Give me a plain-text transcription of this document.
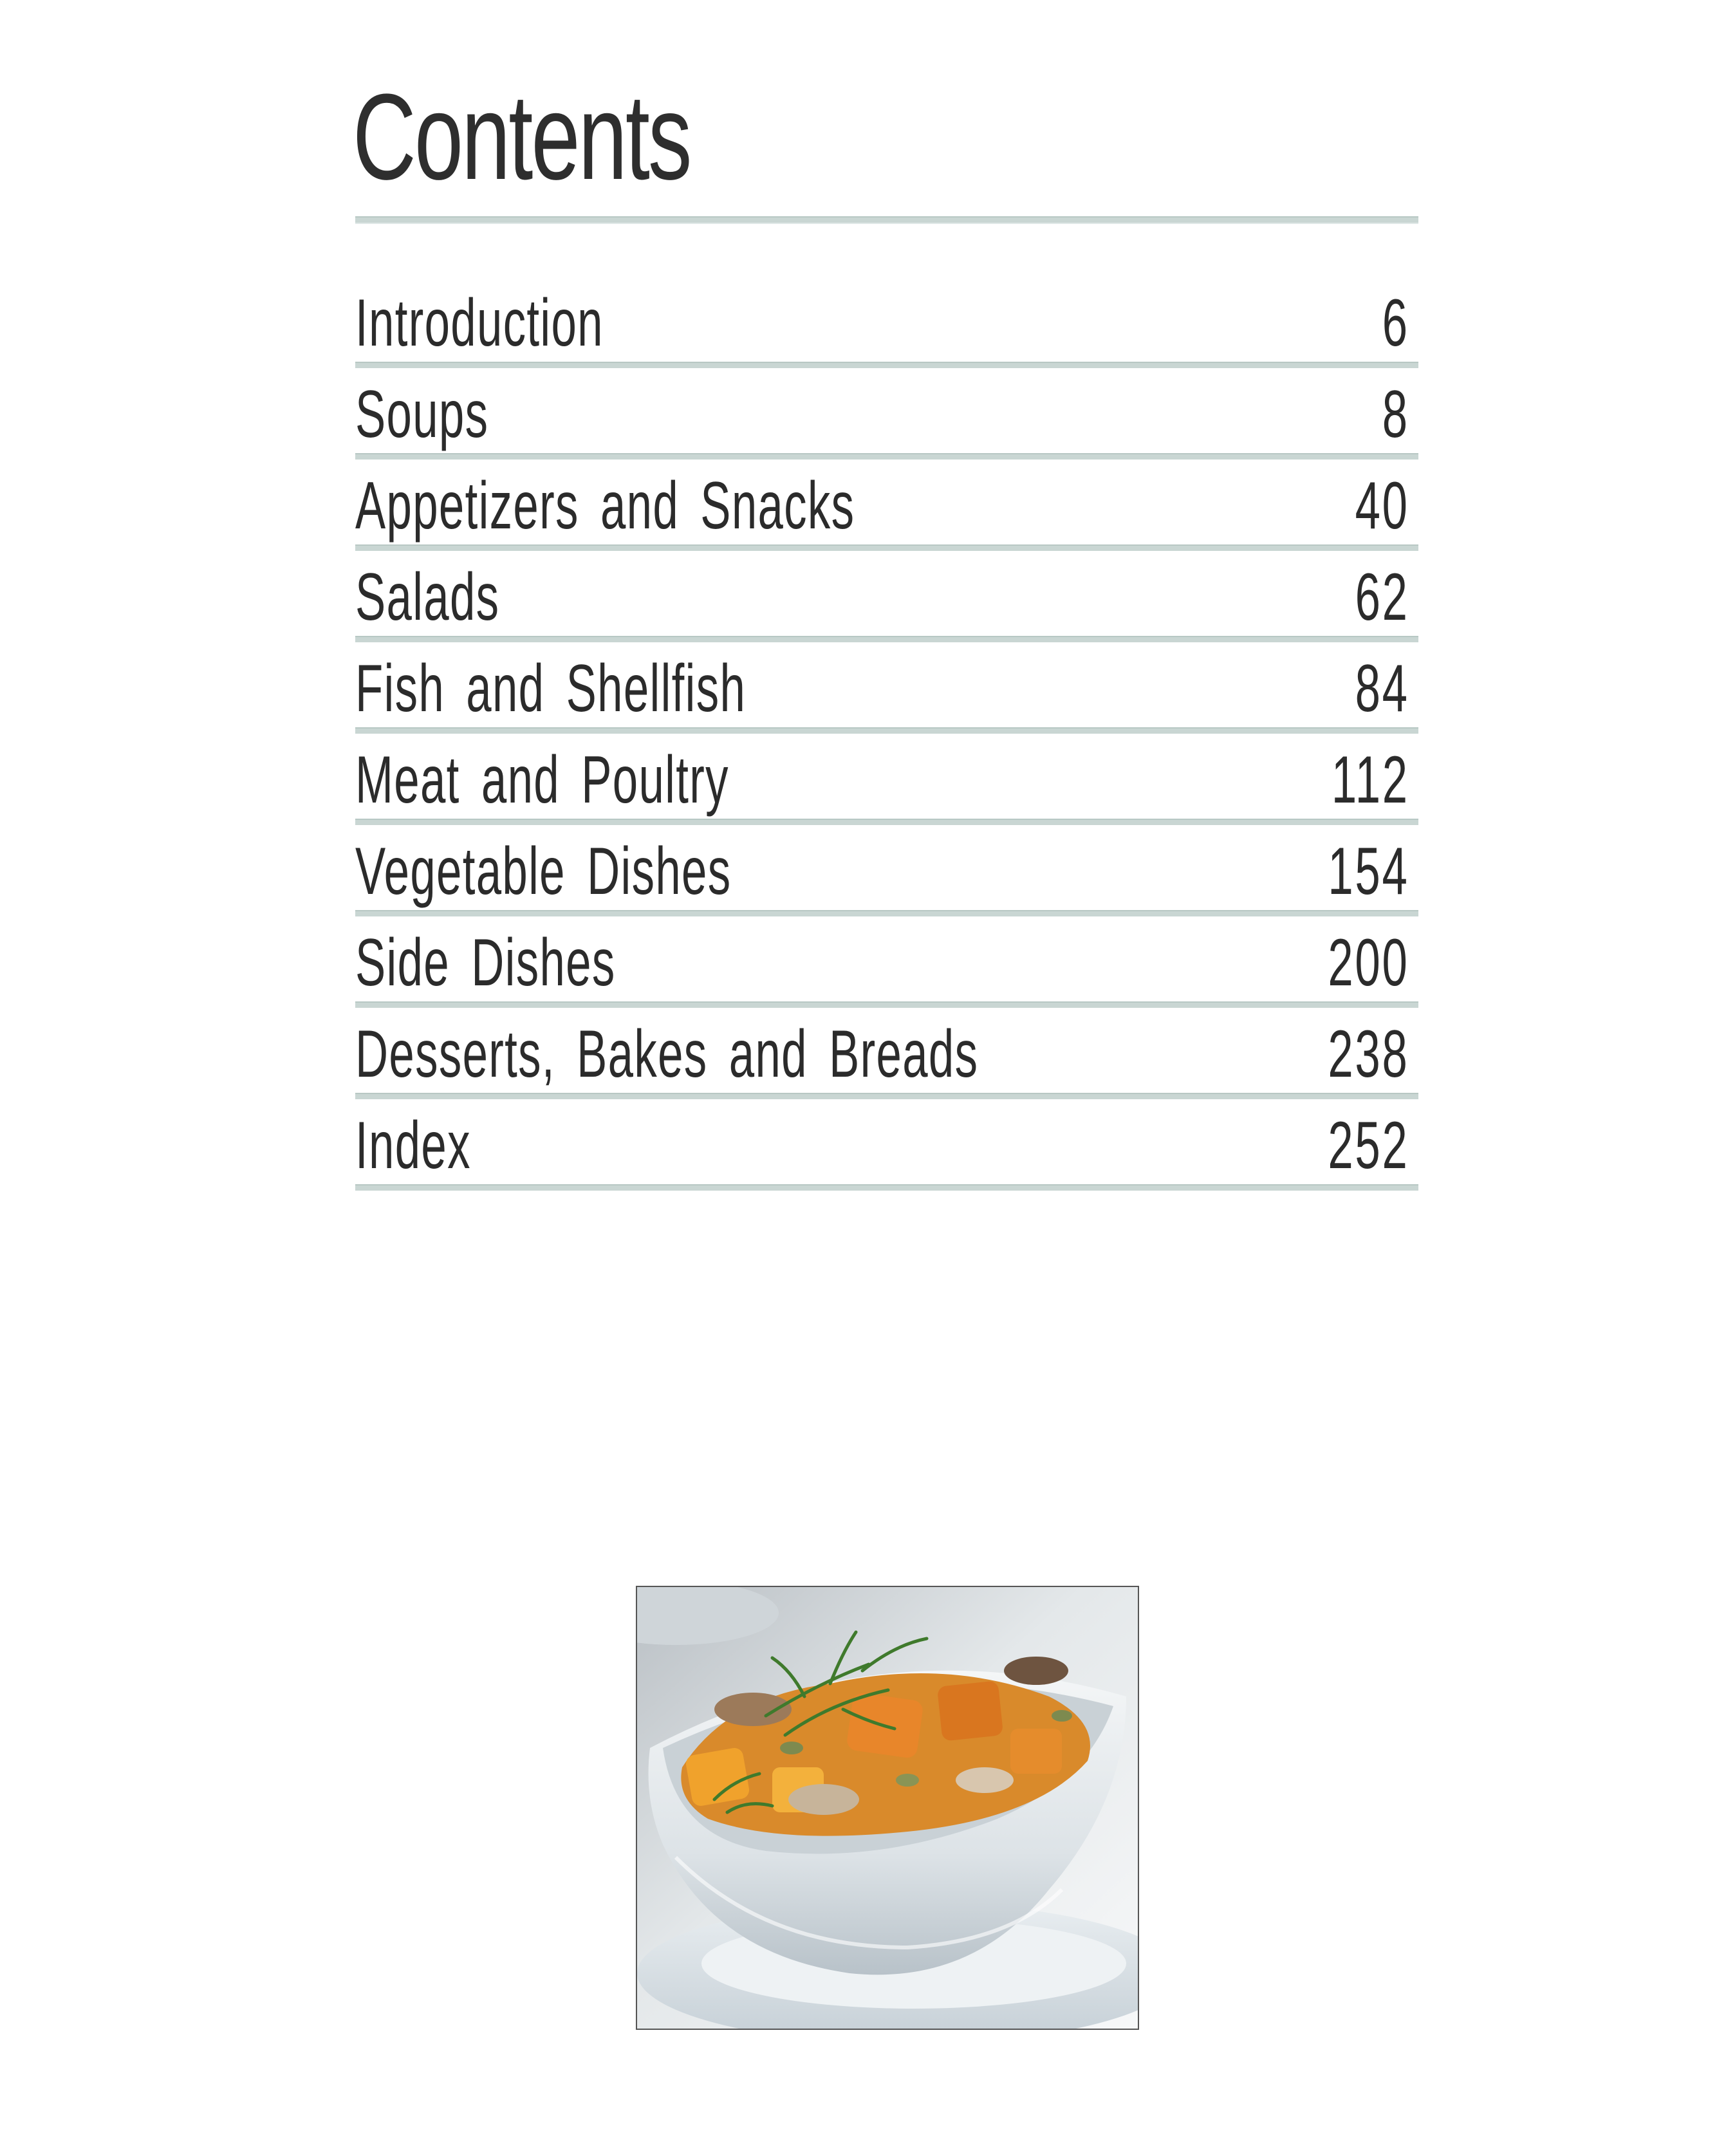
Contents
Introduction	6
Soups	8
Appetizers and Snacks	40
Salads	62
Fish and Shellfish	84
Meat and Poultry	112
Vegetable Dishes	154
Side Dishes	200
Desserts, Bakes and Breads	238
Index	252
